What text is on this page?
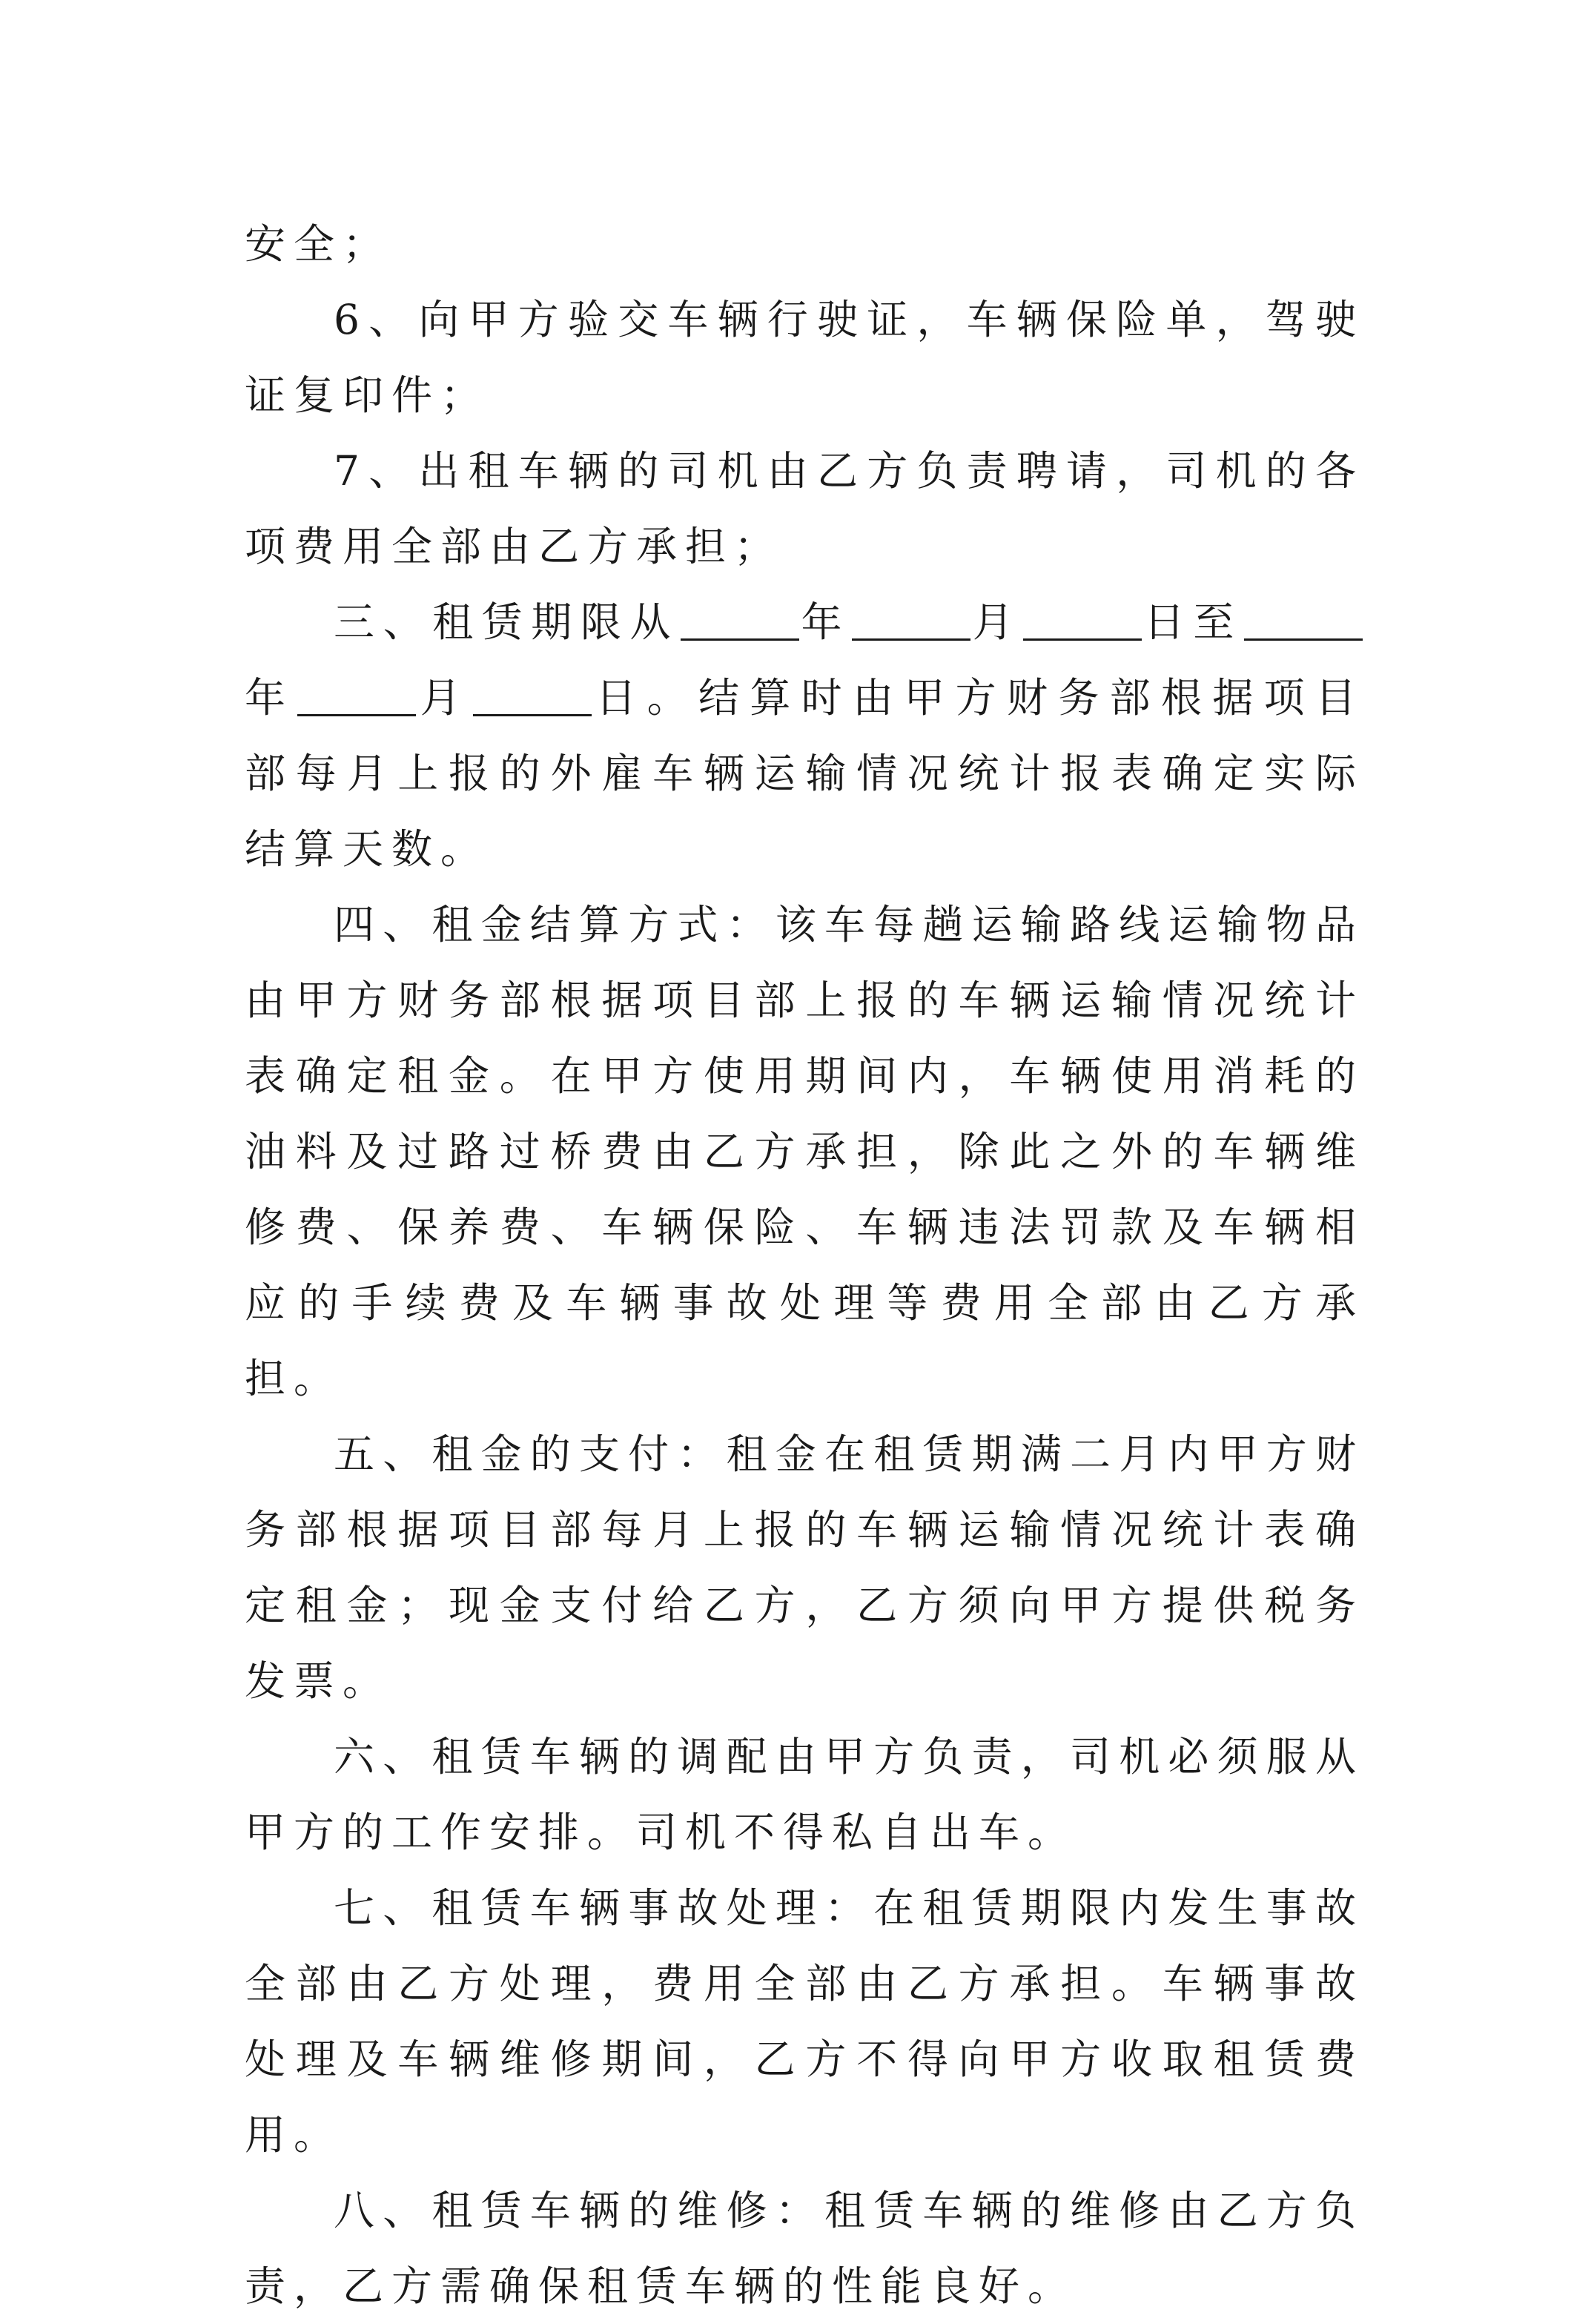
安全；

6、向甲方验交车辆行驶证，车辆保险单，驾驶证复印件；

7、出租车辆的司机由乙方负责聘请，司机的各项费用全部由乙方承担；

三、租赁期限从	年	月	日至年	月	日。结算时由甲方财务部根据项目部每月上报的外雇车辆运输情况统计报表确定实际结算天数。

四、租金结算方式：该车每趟运输路线运输物品由甲方财务部根据项目部上报的车辆运输情况统计表确定租金。在甲方使用期间内，车辆使用消耗的油料及过路过桥费由乙方承担，除此之外的车辆维修费、保养费、车辆保险、车辆违法罚款及车辆相应的手续费及车辆事故处理等费用全部由乙方承担。

五、租金的支付：租金在租赁期满二月内甲方财务部根据项目部每月上报的车辆运输情况统计表确定租金；现金支付给乙方，乙方须向甲方提供税务发票。

六、租赁车辆的调配由甲方负责，司机必须服从甲方的工作安排。司机不得私自出车。

七、租赁车辆事故处理：在租赁期限内发生事故全部由乙方处理，费用全部由乙方承担。车辆事故处理及车辆维修期间，乙方不得向甲方收取租赁费用。

八、租赁车辆的维修：租赁车辆的维修由乙方负责，乙方需确保租赁车辆的性能良好。
